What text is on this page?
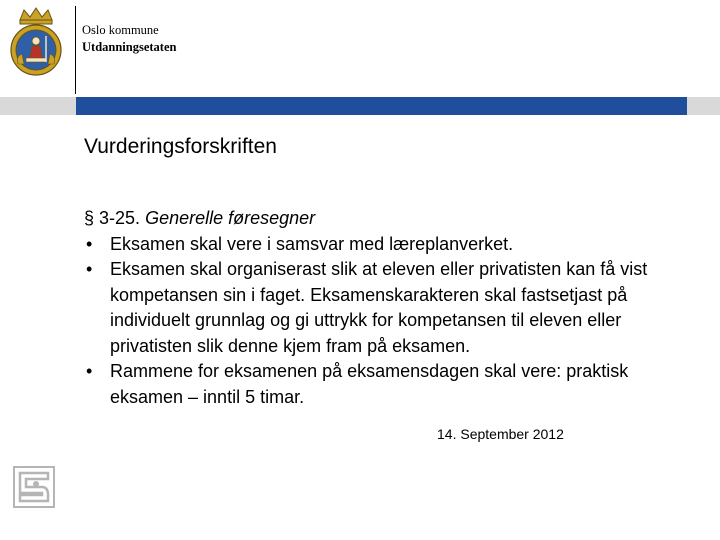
Oslo kommune
Utdanningsetaten
Vurderingsforskriften
§ 3-25. Generelle føresegner
• Eksamen skal vere i samsvar med læreplanverket.
• Eksamen skal organiserast slik at eleven eller privatisten kan få vist kompetansen sin i faget. Eksamenskarakteren skal fastsetjast på individuelt grunnlag og gi uttrykk for kompetansen til eleven eller privatisten slik denne kjem fram på eksamen.
• Rammene for eksamenen på eksamensdagen skal vere: praktisk eksamen – inntil 5 timar.
14. September 2012
